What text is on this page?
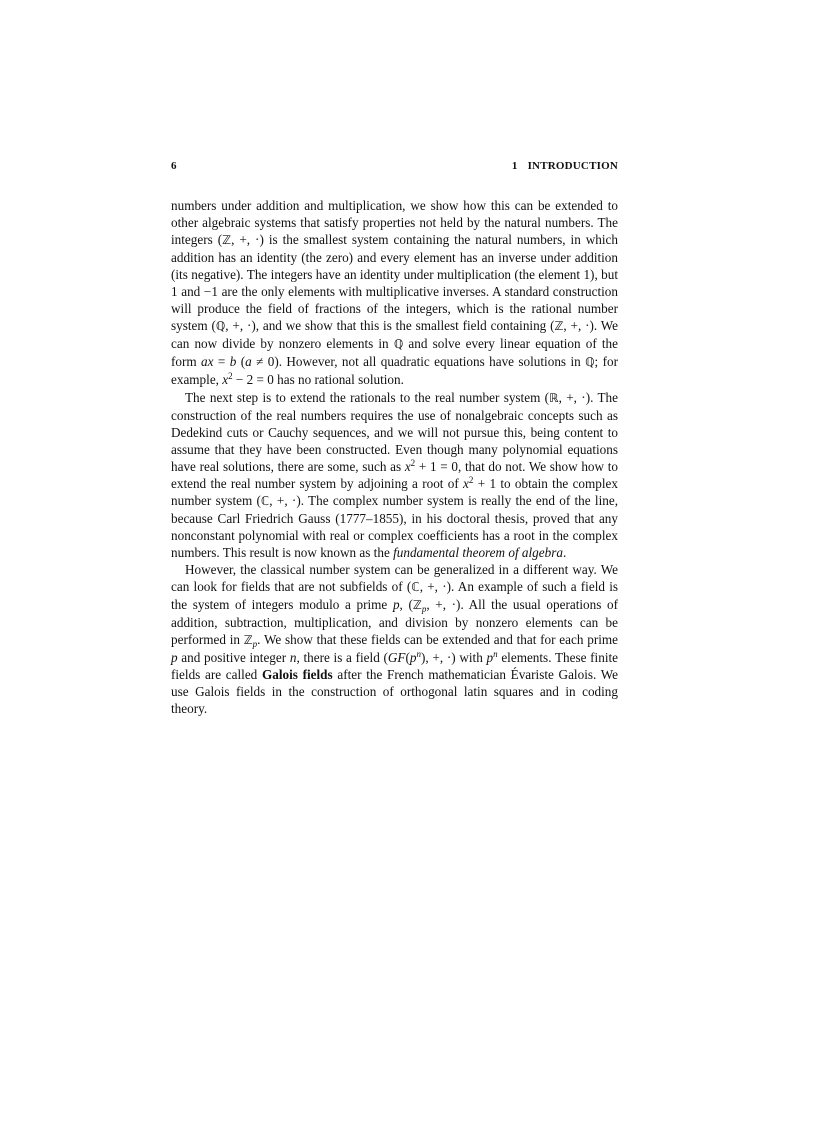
6	1 INTRODUCTION

numbers under addition and multiplication, we show how this can be extended to other algebraic systems that satisfy properties not held by the natural numbers. The integers (ℤ, +, ·) is the smallest system containing the natural numbers, in which addition has an identity (the zero) and every element has an inverse under addition (its negative). The integers have an identity under multiplication (the element 1), but 1 and −1 are the only elements with multiplicative inverses. A standard construction will produce the field of fractions of the integers, which is the rational number system (ℚ, +, ·), and we show that this is the smallest field containing (ℤ, +, ·). We can now divide by nonzero elements in ℚ and solve every linear equation of the form ax = b (a ≠ 0). However, not all quadratic equations have solutions in ℚ; for example, $x^2 - 2 = 0$ has no rational solution.

The next step is to extend the rationals to the real number system (ℝ, +, ·). The construction of the real numbers requires the use of nonalgebraic concepts such as Dedekind cuts or Cauchy sequences, and we will not pursue this, being content to assume that they have been constructed. Even though many polynomial equations have real solutions, there are some, such as $x^2 + 1 = 0$, that do not. We show how to extend the real number system by adjoining a root of $x^2 + 1$ to obtain the complex number system (ℂ, +, ·). The complex number system is really the end of the line, because Carl Friedrich Gauss (1777–1855), in his doctoral thesis, proved that any nonconstant polynomial with real or complex coefficients has a root in the complex numbers. This result is now known as the fundamental theorem of algebra.

However, the classical number system can be generalized in a different way. We can look for fields that are not subfields of (ℂ, +, ·). An example of such a field is the system of integers modulo a prime p, (ℤ$_p$, +, ·). All the usual operations of addition, subtraction, multiplication, and division by nonzero elements can be performed in ℤ$_p$. We show that these fields can be extended and that for each prime p and positive integer n, there is a field ($GF(p^n)$, +, ·) with $p^n$ elements. These finite fields are called Galois fields after the French mathematician Évariste Galois. We use Galois fields in the construction of orthogonal latin squares and in coding theory.
